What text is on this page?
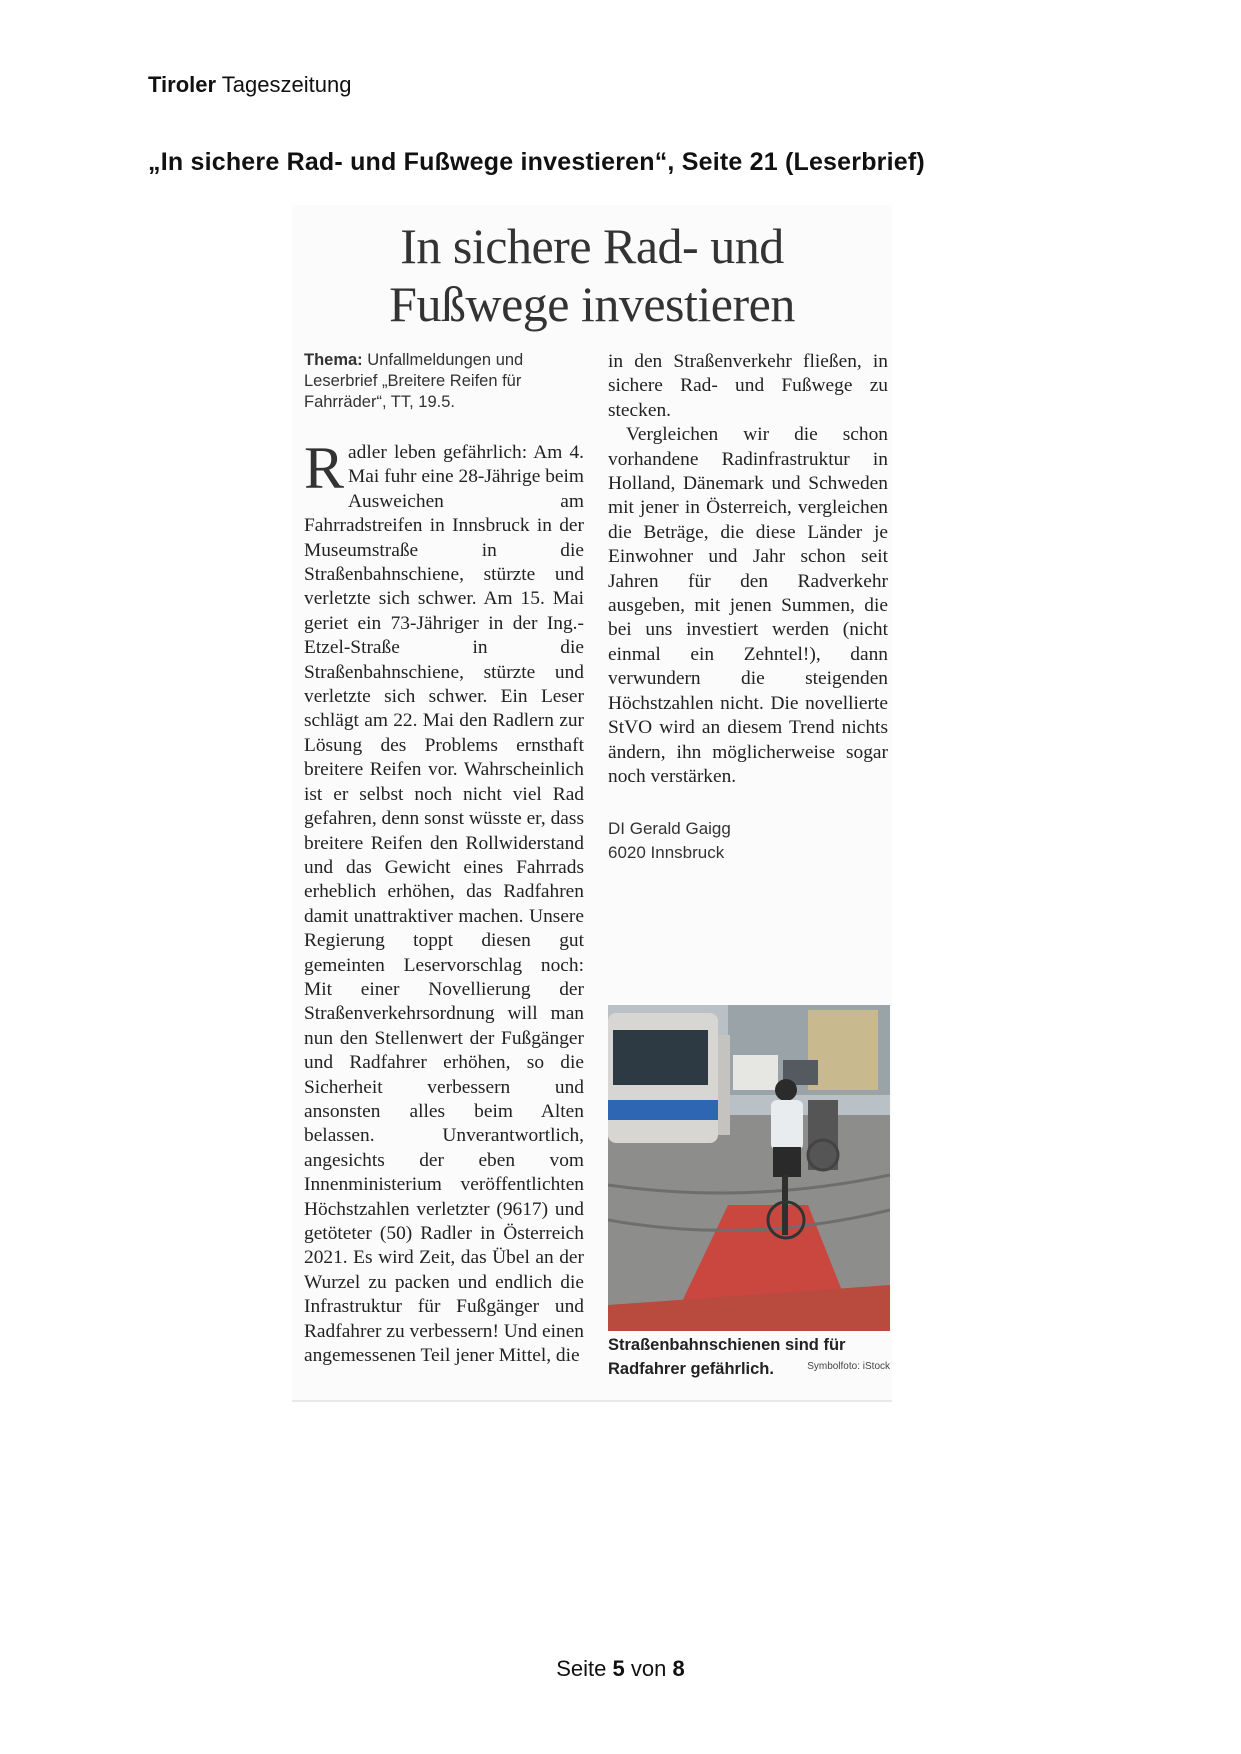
Tiroler Tageszeitung
„In sichere Rad- und Fußwege investieren“, Seite 21 (Leserbrief)
In sichere Rad- und
Fußwege investieren
Thema: Unfallmeldungen und Leserbrief „Breitere Reifen für Fahrräder“, TT, 19.5.
Radler leben gefährlich: Am 4. Mai fuhr eine 28-Jährige beim Ausweichen am Fahrradstreifen in Innsbruck in der Museumstraße in die Straßenbahnschiene, stürzte und verletzte sich schwer. Am 15. Mai geriet ein 73-Jähriger in der Ing.-Etzel-Straße in die Straßenbahnschiene, stürzte und verletzte sich schwer. Ein Leser schlägt am 22. Mai den Radlern zur Lösung des Problems ernsthaft breitere Reifen vor. Wahrscheinlich ist er selbst noch nicht viel Rad gefahren, denn sonst wüsste er, dass breitere Reifen den Rollwiderstand und das Gewicht eines Fahrrads erheblich erhöhen, das Radfahren damit unattraktiver machen. Unsere Regierung toppt diesen gut gemeinten Leservorschlag noch: Mit einer Novellierung der Straßenverkehrsordnung will man nun den Stellenwert der Fußgänger und Radfahrer erhöhen, so die Sicherheit verbessern und ansonsten alles beim Alten belassen. Unverantwortlich, angesichts der eben vom Innenministerium veröffentlichten Höchstzahlen verletzter (9617) und getöteter (50) Radler in Österreich 2021. Es wird Zeit, das Übel an der Wurzel zu packen und endlich die Infrastruktur für Fußgänger und Radfahrer zu verbessern! Und einen angemessenen Teil jener Mittel, die

in den Straßenverkehr fließen, in sichere Rad- und Fußwege zu stecken.

Vergleichen wir die schon vorhandene Radinfrastruktur in Holland, Dänemark und Schweden mit jener in Österreich, vergleichen die Beträge, die diese Länder je Einwohner und Jahr schon seit Jahren für den Radverkehr ausgeben, mit jenen Summen, die bei uns investiert werden (nicht einmal ein Zehntel!), dann verwundern die steigenden Höchstzahlen nicht. Die novellierte StVO wird an diesem Trend nichts ändern, ihn möglicherweise sogar noch verstärken.

DI Gerald Gaigg
6020 Innsbruck
Straßenbahnschienen sind für Radfahrer gefährlich.	Symbolfoto: iStock
Seite 5 von 8
